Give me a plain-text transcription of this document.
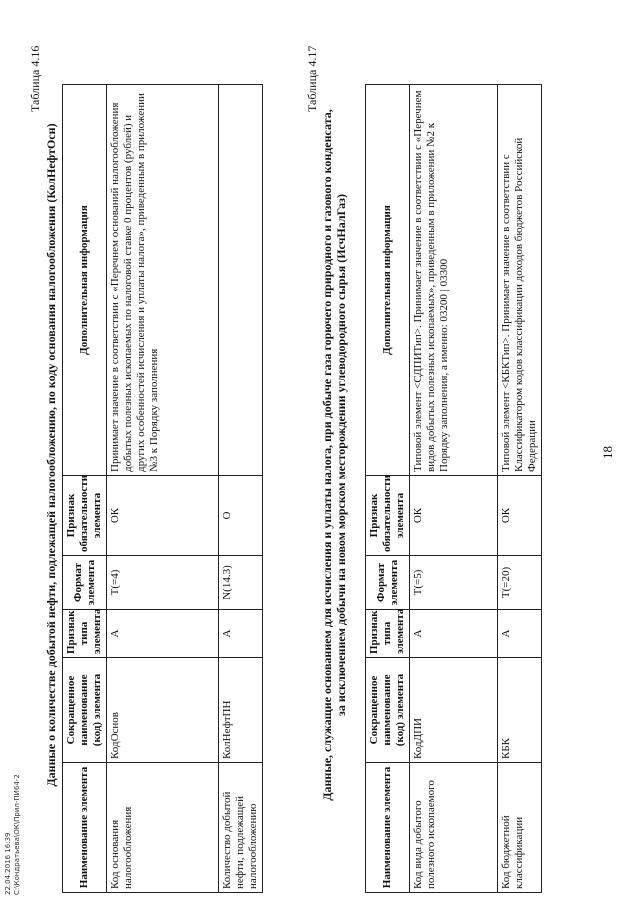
18
Таблица 4.16
Данные о количестве добытой нефти, подлежащей налогообложению, по коду основания налогообложения (КолНефтОсн)
Наименование элемента	Сокращенное наименование (код) элемента	Признак типа элемента	Формат элемента	Признак обязательности элемента	Дополнительная информация
Код основания налогообложения	КодОснов	А	T(=4)	ОК	Принимает значение в соответствии с «Перечнем оснований налогообложения добытых полезных ископаемых по налоговой ставке 0 процентов (рублей) и других особенностей исчисления и уплаты налога», приведенным в приложении №3 к Порядку заполнения
Количество добытой нефти, подлежащей налогообложению	КолНефтПН	А	N(14.3)	О	
Таблица 4.17
Данные, служащие основанием для исчисления и уплаты налога, при добыче газа горючего природного и газового конденсата, за исключением добычи на новом морском месторождении углеводородного сырья (ИсчНалГаз)
Наименование элемента	Сокращенное наименование (код) элемента	Признак типа элемента	Формат элемента	Признак обязательности элемента	Дополнительная информация
Код вида добытого полезного ископаемого	КодДПИ	А	T(=5)	ОК	Типовой элемент <СДПИТип>. Принимает значение в соответствии с «Перечнем видов добытых полезных ископаемых», приведенным в приложении №2 к Порядку заполнения, а именно: 03200 | 03300
Код бюджетной классификации	КБК	А	T(=20)	ОК	Типовой элемент <КБКТип>. Принимает значение в соответствии с Классификатором кодов классификации доходов бюджетов Российской Федерации
22.04.2016 16:39 С:\Кондратьева\ОК\Прил-ПИ64-2
